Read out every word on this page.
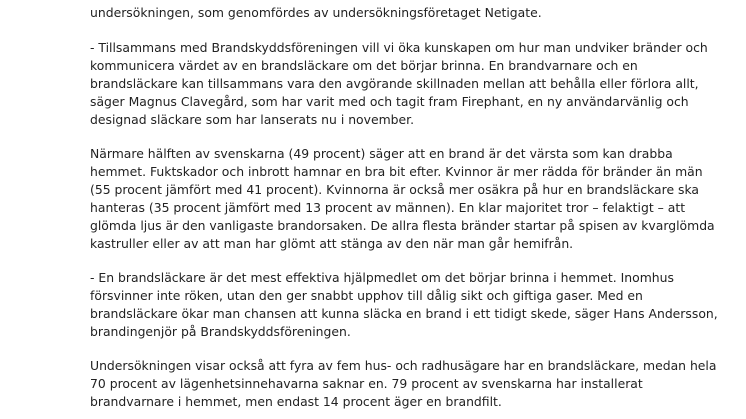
undersökningen, som genomfördes av undersökningsföretaget Netigate.
- Tillsammans med Brandskyddsföreningen vill vi öka kunskapen om hur man undviker bränder och
kommunicera värdet av en brandsläckare om det börjar brinna. En brandvarnare och en
brandsläckare kan tillsammans vara den avgörande skillnaden mellan att behålla eller förlora allt,
säger Magnus Clavegård, som har varit med och tagit fram Firephant, en ny användarvänlig och
designad släckare som har lanserats nu i november.
Närmare hälften av svenskarna (49 procent) säger att en brand är det värsta som kan drabba
hemmet. Fuktskador och inbrott hamnar en bra bit efter. Kvinnor är mer rädda för bränder än män
(55 procent jämfört med 41 procent). Kvinnorna är också mer osäkra på hur en brandsläckare ska
hanteras (35 procent jämfört med 13 procent av männen). En klar majoritet tror – felaktigt – att
glömda ljus är den vanligaste brandorsaken. De allra flesta bränder startar på spisen av kvarglömda
kastruller eller av att man har glömt att stänga av den när man går hemifrån.
- En brandsläckare är det mest effektiva hjälpmedlet om det börjar brinna i hemmet. Inomhus
försvinner inte röken, utan den ger snabbt upphov till dålig sikt och giftiga gaser. Med en
brandsläckare ökar man chansen att kunna släcka en brand i ett tidigt skede, säger Hans Andersson,
brandingenjör på Brandskyddsföreningen.
Undersökningen visar också att fyra av fem hus- och radhusägare har en brandsläckare, medan hela
70 procent av lägenhetsinnehavarna saknar en. 79 procent av svenskarna har installerat
brandvarnare i hemmet, men endast 14 procent äger en brandfilt.
